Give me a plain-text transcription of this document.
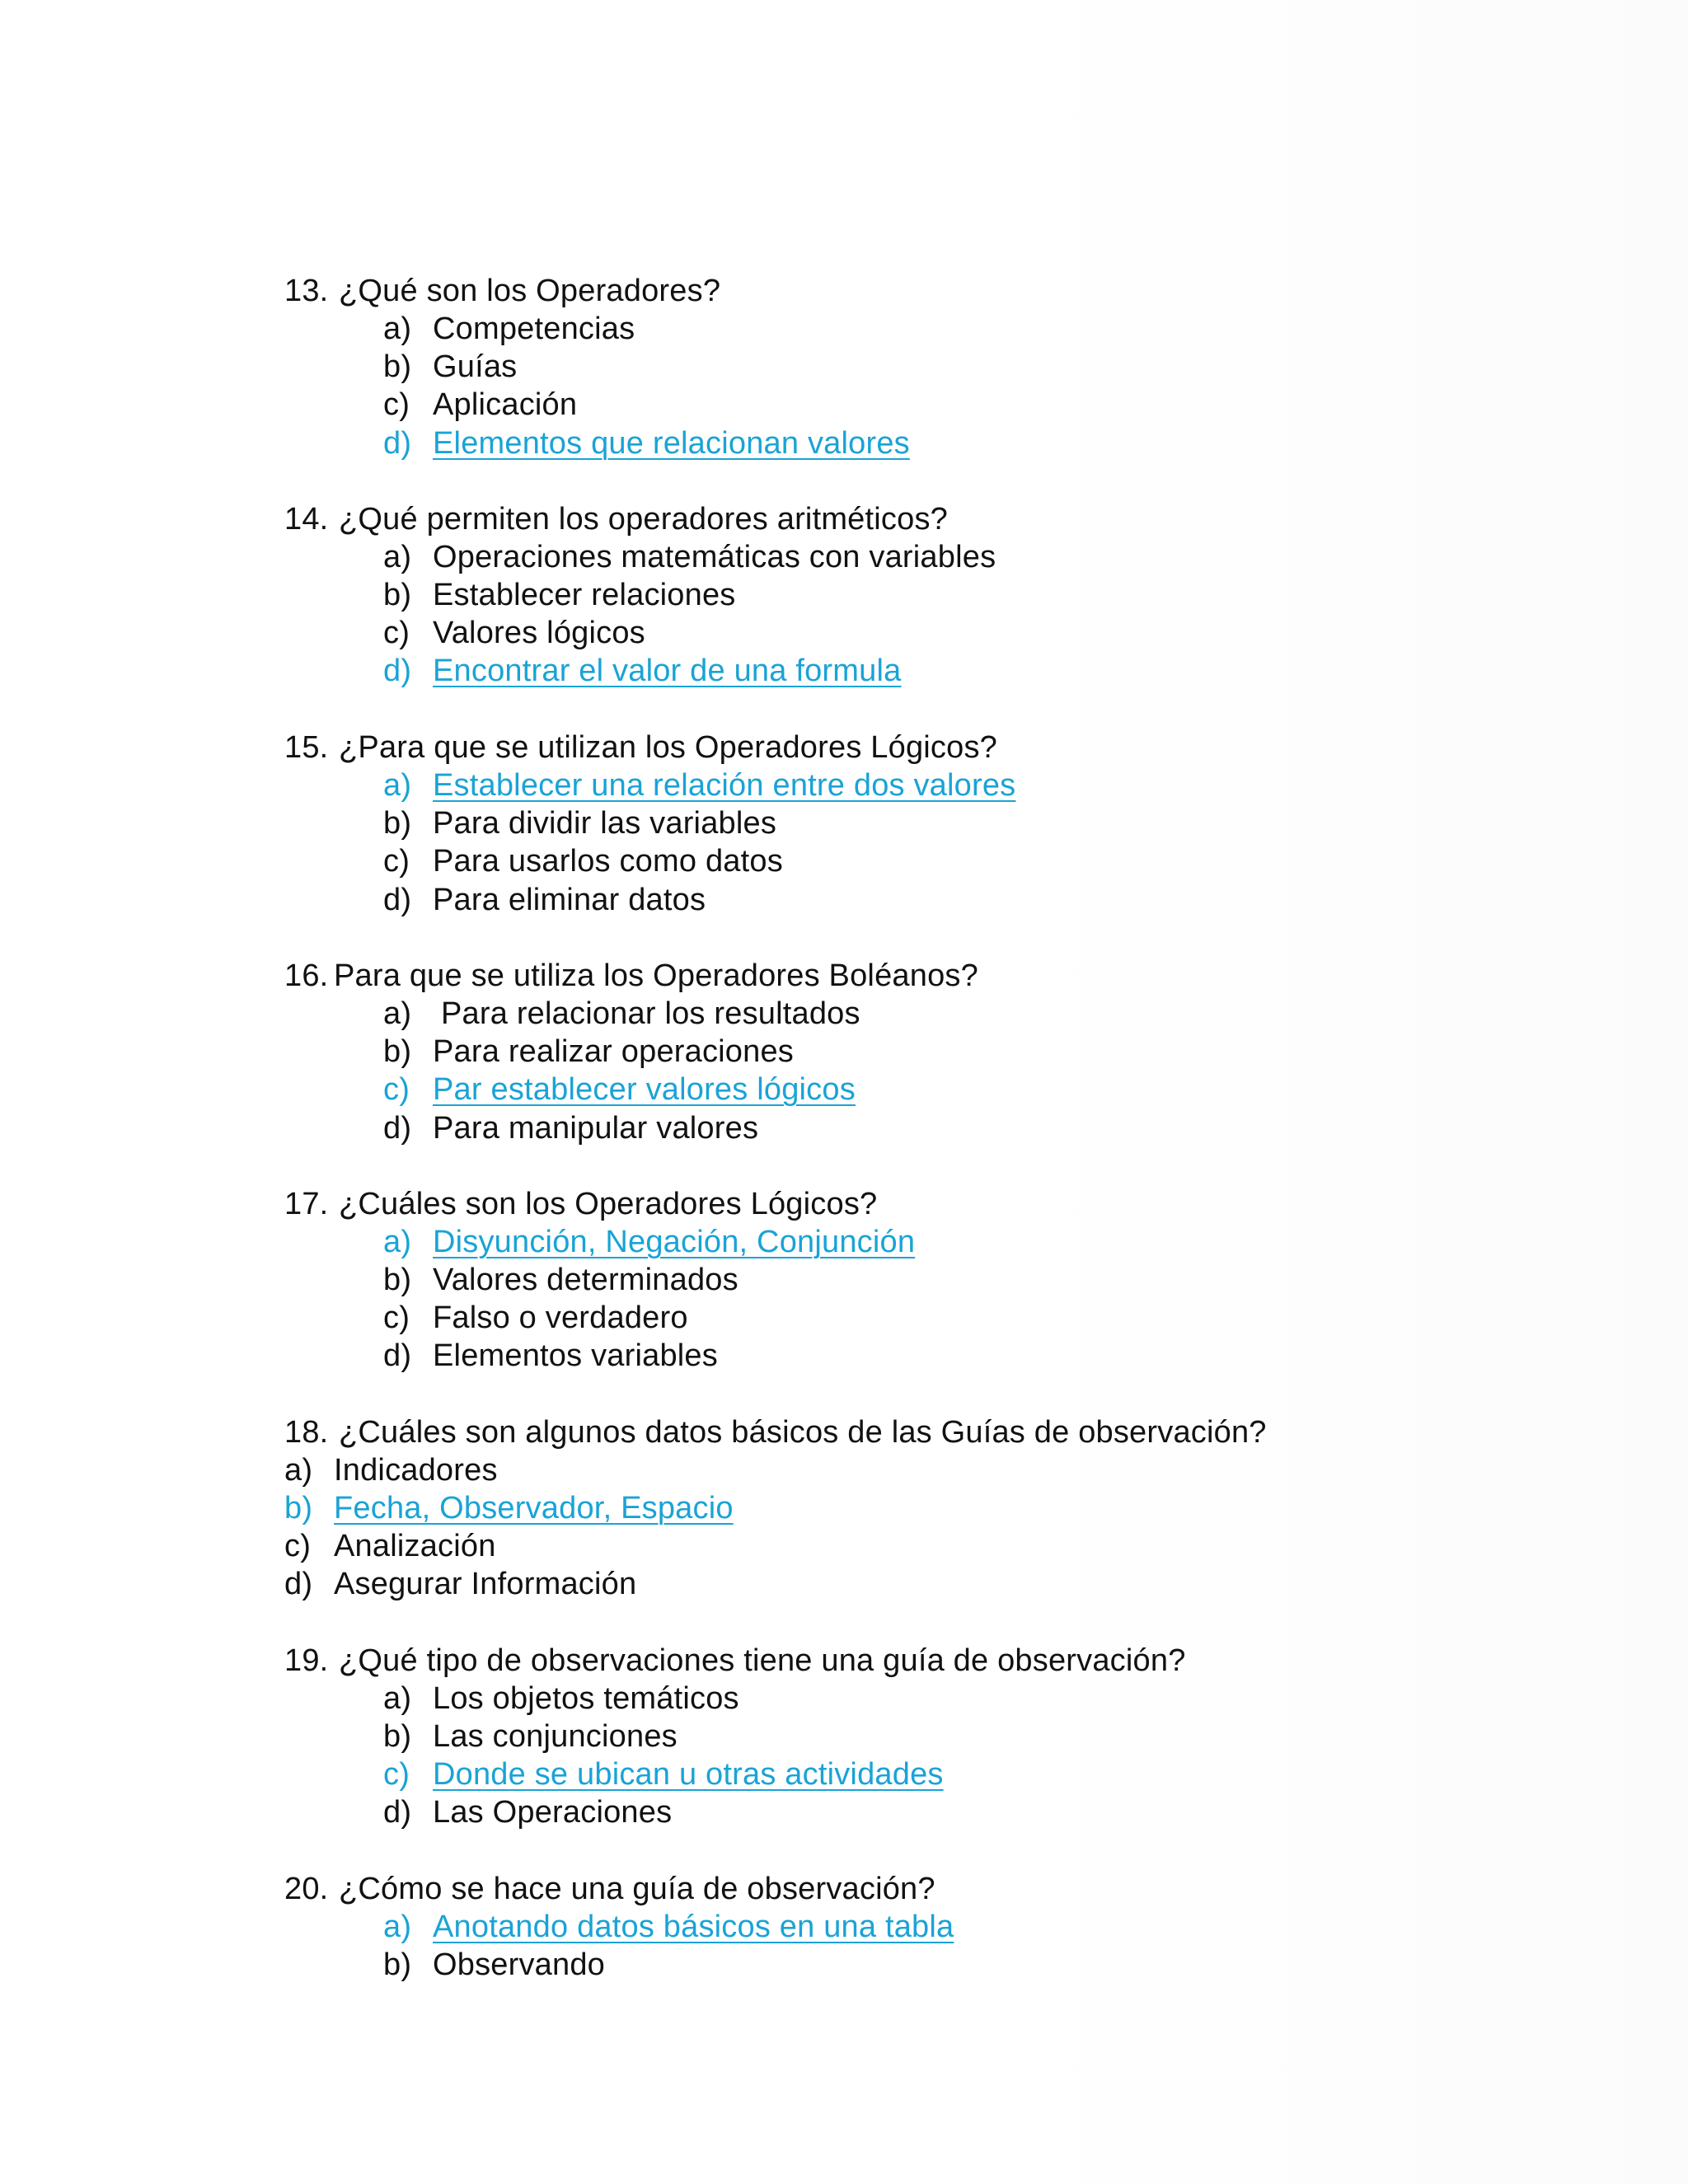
13. ¿Qué son los Operadores?
a) Competencias
b) Guías
c) Aplicación
d) Elementos que relacionan valores
14. ¿Qué permiten los operadores aritméticos?
a) Operaciones matemáticas con variables
b) Establecer relaciones
c) Valores lógicos
d) Encontrar el valor de una formula
15. ¿Para que se utilizan los Operadores Lógicos?
a) Establecer una relación entre dos valores
b) Para dividir las variables
c) Para usarlos como datos
d) Para eliminar datos
16. Para que se utiliza los Operadores Boléanos?
a) Para relacionar los resultados
b) Para realizar operaciones
c) Par establecer valores lógicos
d) Para manipular valores
17. ¿Cuáles son los Operadores Lógicos?
a) Disyunción, Negación, Conjunción
b) Valores determinados
c) Falso o verdadero
d) Elementos variables
18. ¿Cuáles son algunos datos básicos de las Guías de observación?
a) Indicadores
b) Fecha, Observador, Espacio
c) Analización
d) Asegurar Información
19. ¿Qué tipo de observaciones tiene una guía de observación?
a) Los objetos temáticos
b) Las conjunciones
c) Donde se ubican u otras actividades
d) Las Operaciones
20. ¿Cómo se hace una guía de observación?
a) Anotando datos básicos en una tabla
b) Observando
